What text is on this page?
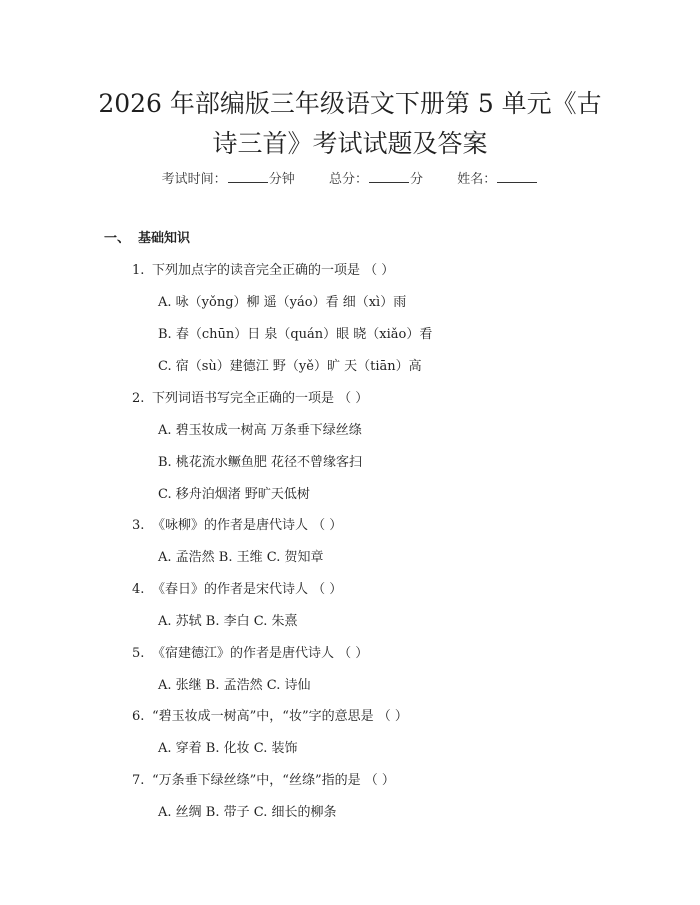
2026 年部编版三年级语文下册第 5 单元《古
诗三首》考试试题及答案
考试时间：	分钟	总分：	分	姓名：
一、 基础知识
1. 下列加点字的读音完全正确的一项是 （ ）
A. 咏（yǒng）柳 遥（yáo）看 细（xì）雨
B. 春（chūn）日 泉（quán）眼 晓（xiǎo）看
C. 宿（sù）建德江 野（yě）旷 天（tiān）高
2. 下列词语书写完全正确的一项是 （ ）
A. 碧玉妆成一树高 万条垂下绿丝绦
B. 桃花流水鳜鱼肥 花径不曾缘客扫
C. 移舟泊烟渚 野旷天低树
3. 《咏柳》的作者是唐代诗人 （ ）
A. 孟浩然 B. 王维 C. 贺知章
4. 《春日》的作者是宋代诗人 （ ）
A. 苏轼 B. 李白 C. 朱熹
5. 《宿建德江》的作者是唐代诗人 （ ）
A. 张继 B. 孟浩然 C. 诗仙
6. “碧玉妆成一树高”中，“妆”字的意思是 （ ）
A. 穿着 B. 化妆 C. 装饰
7. “万条垂下绿丝绦”中，“丝绦”指的是 （ ）
A. 丝绸 B. 带子 C. 细长的柳条
